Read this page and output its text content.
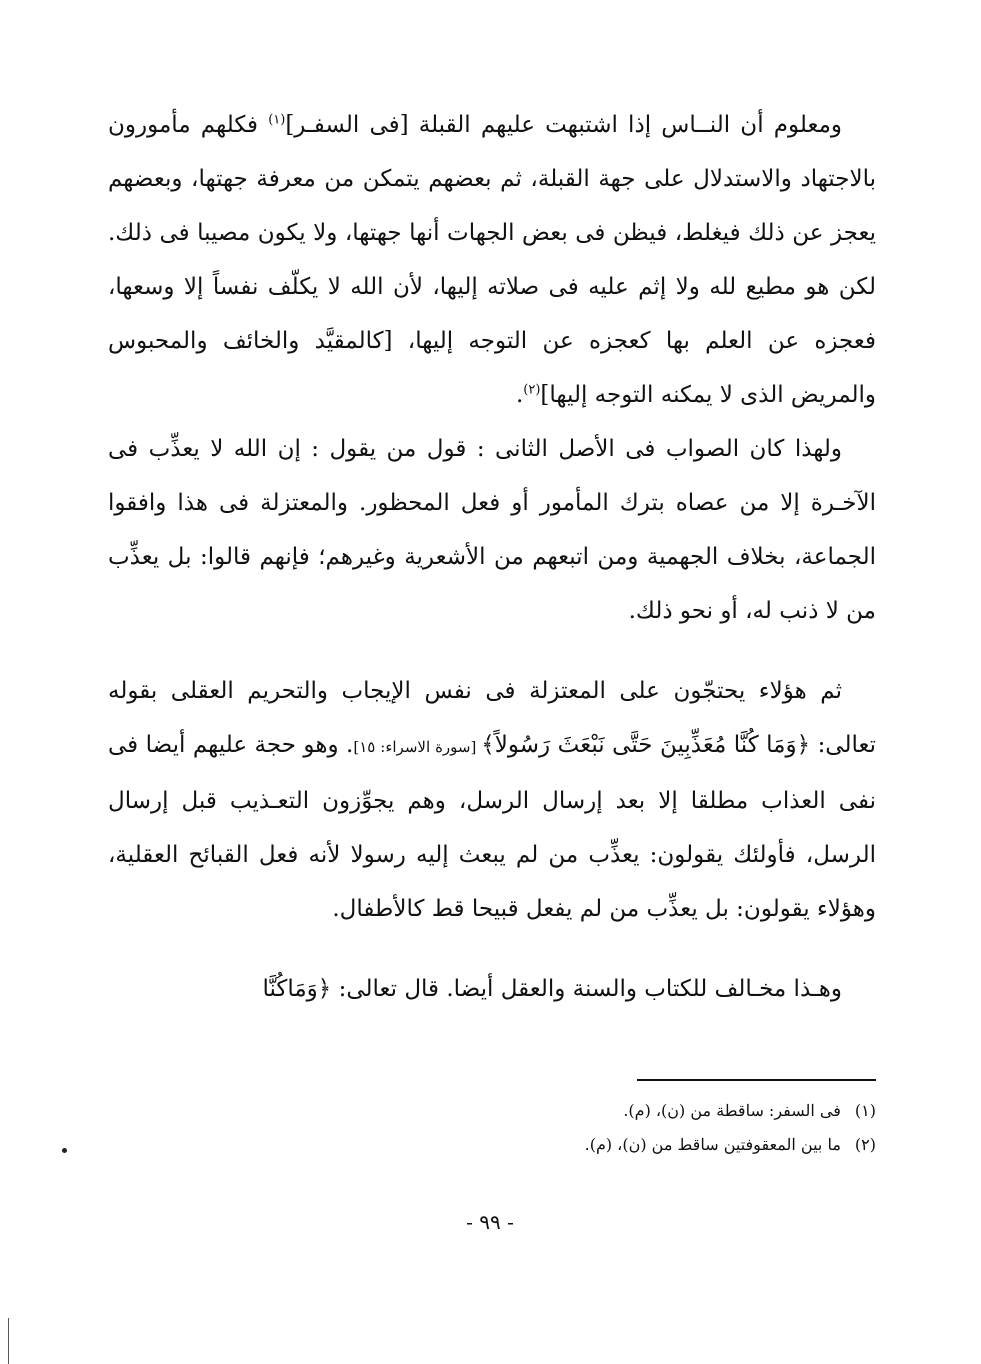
ومعلوم أن النــاس إذا اشتبهت عليهم القبلة [فى السفـر]$^{(١)}$ فكلهم مأمورون بالاجتهاد والاستدلال على جهة القبلة، ثم بعضهم يتمكن من معرفة جهتها، وبعضهم يعجز عن ذلك فيغلط، فيظن فى بعض الجهات أنها جهتها، ولا يكون مصيبا فى ذلك. لكن هو مطيع لله ولا إثم عليه فى صلاته إليها، لأن الله لا يكلّف نفساً إلا وسعها، فعجزه عن العلم بها كعجزه عن التوجه إليها، [كالمقيَّد والخائف والمحبوس والمريض الذى لا يمكنه التوجه إليها]$^{(٢)}$.

ولهذا كان الصواب فى الأصل الثانى : قول من يقول : إن الله لا يعذِّب فى الآخـرة إلا من عصاه بترك المأمور أو فعل المحظور. والمعتزلة فى هذا وافقوا الجماعة، بخلاف الجهمية ومن اتبعهم من الأشعرية وغيرهم؛ فإنهم قالوا: بل يعذِّب من لا ذنب له، أو نحو ذلك.

ثم هؤلاء يحتجّون على المعتزلة فى نفس الإيجاب والتحريم العقلى بقوله تعالى: ﴿وَمَا كُنَّا مُعَذِّبِينَ حَتَّى نَبْعَثَ رَسُولاً﴾ [سورة الاسراء: ١٥]. وهو حجة عليهم أيضا فى نفى العذاب مطلقا إلا بعد إرسال الرسل، وهم يجوِّزون التعـذيب قبل إرسال الرسل، فأولئك يقولون: يعذِّب من لم يبعث إليه رسولا لأنه فعل القبائح العقلية، وهؤلاء يقولون: بل يعذِّب من لم يفعل قبيحا قط كالأطفال.

وهـذا مخـالف للكتاب والسنة والعقل أيضا. قال تعالى: ﴿وَمَاكُنَّا

(١)فى السفر: ساقطة من (ن)، (م).

(٢)ما بين المعقوفتين ساقط من (ن)، (م).

- ٩٩ -
